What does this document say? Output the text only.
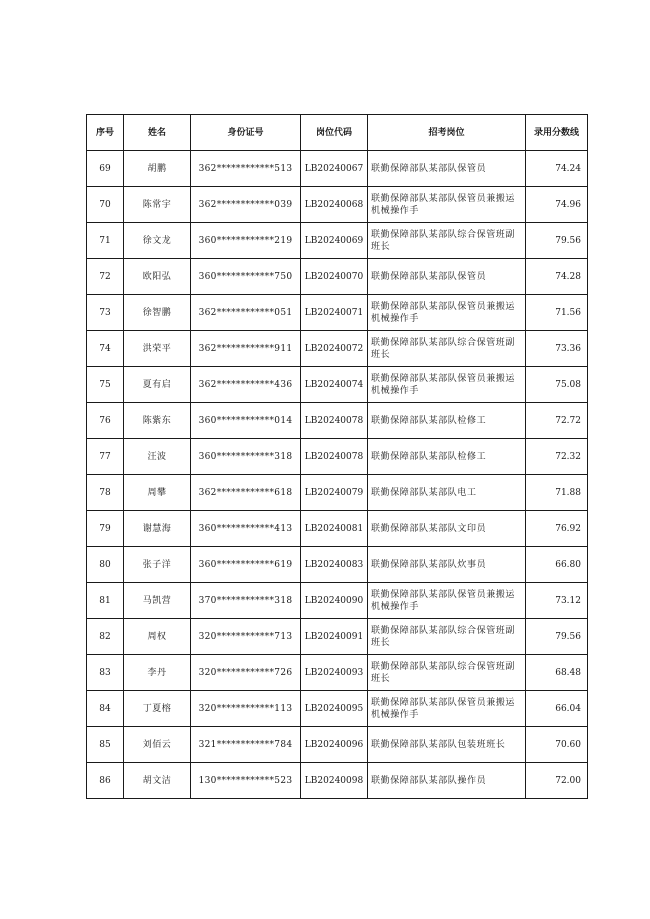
序号	姓名	身份证号	岗位代码	招考岗位	录用分数线
69	胡鹏	362************513	LB20240067	联勤保障部队某部队保管员	74.24
70	陈常宇	362************039	LB20240068	联勤保障部队某部队保管员兼搬运机械操作手	74.96
71	徐文龙	360************219	LB20240069	联勤保障部队某部队综合保管班副班长	79.56
72	欧阳弘	360************750	LB20240070	联勤保障部队某部队保管员	74.28
73	徐智鹏	362************051	LB20240071	联勤保障部队某部队保管员兼搬运机械操作手	71.56
74	洪荣平	362************911	LB20240072	联勤保障部队某部队综合保管班副班长	73.36
75	夏有启	362************436	LB20240074	联勤保障部队某部队保管员兼搬运机械操作手	75.08
76	陈紫东	360************014	LB20240078	联勤保障部队某部队检修工	72.72
77	汪波	360************318	LB20240078	联勤保障部队某部队检修工	72.32
78	周攀	362************618	LB20240079	联勤保障部队某部队电工	71.88
79	谢慧海	360************413	LB20240081	联勤保障部队某部队文印员	76.92
80	张子洋	360************619	LB20240083	联勤保障部队某部队炊事员	66.80
81	马凯营	370************318	LB20240090	联勤保障部队某部队保管员兼搬运机械操作手	73.12
82	周权	320************713	LB20240091	联勤保障部队某部队综合保管班副班长	79.56
83	李丹	320************726	LB20240093	联勤保障部队某部队综合保管班副班长	68.48
84	丁夏榕	320************113	LB20240095	联勤保障部队某部队保管员兼搬运机械操作手	66.04
85	刘佰云	321************784	LB20240096	联勤保障部队某部队包装班班长	70.60
86	胡文洁	130************523	LB20240098	联勤保障部队某部队操作员	72.00
